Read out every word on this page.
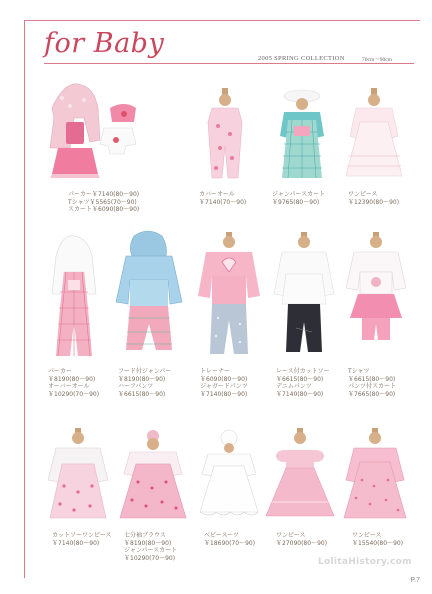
for Baby	2005 SPRING COLLECTION	70cm〜90cm
パーカー￥7140(80〜90)
Tシャツ￥5565(70〜90)
スカート￥6090(80〜90)
カバーオール
￥7140(70〜90)
ジャンパースカート
￥9765(80〜90)
ワンピース
￥12390(80〜90)
パーカー
￥8190(80〜90)
オーバーオール
￥10290(70〜90)
フード付ジャンパー
￥8190(80〜90)
ハーフパンツ
￥6615(80〜90)
トレーナー
￥6090(80〜90)
ジャガードパンツ
￥7140(80〜90)
レース付カットソー
￥6615(80〜90)
デニムパンツ
￥7140(80〜90)
Tシャツ
￥6615(80〜90)
パンツ付スカート
￥7665(80〜90)
カットソーワンピース
￥7140(80〜90)
七分袖ブラウス
￥8190(80〜90)
ジャンパースカート
￥10290(70〜90)
ベビースーツ
￥18690(70〜90)
ワンピース
￥27090(80〜90)
ワンピース
￥15540(80〜90)
LolitaHistory.com
P.7
